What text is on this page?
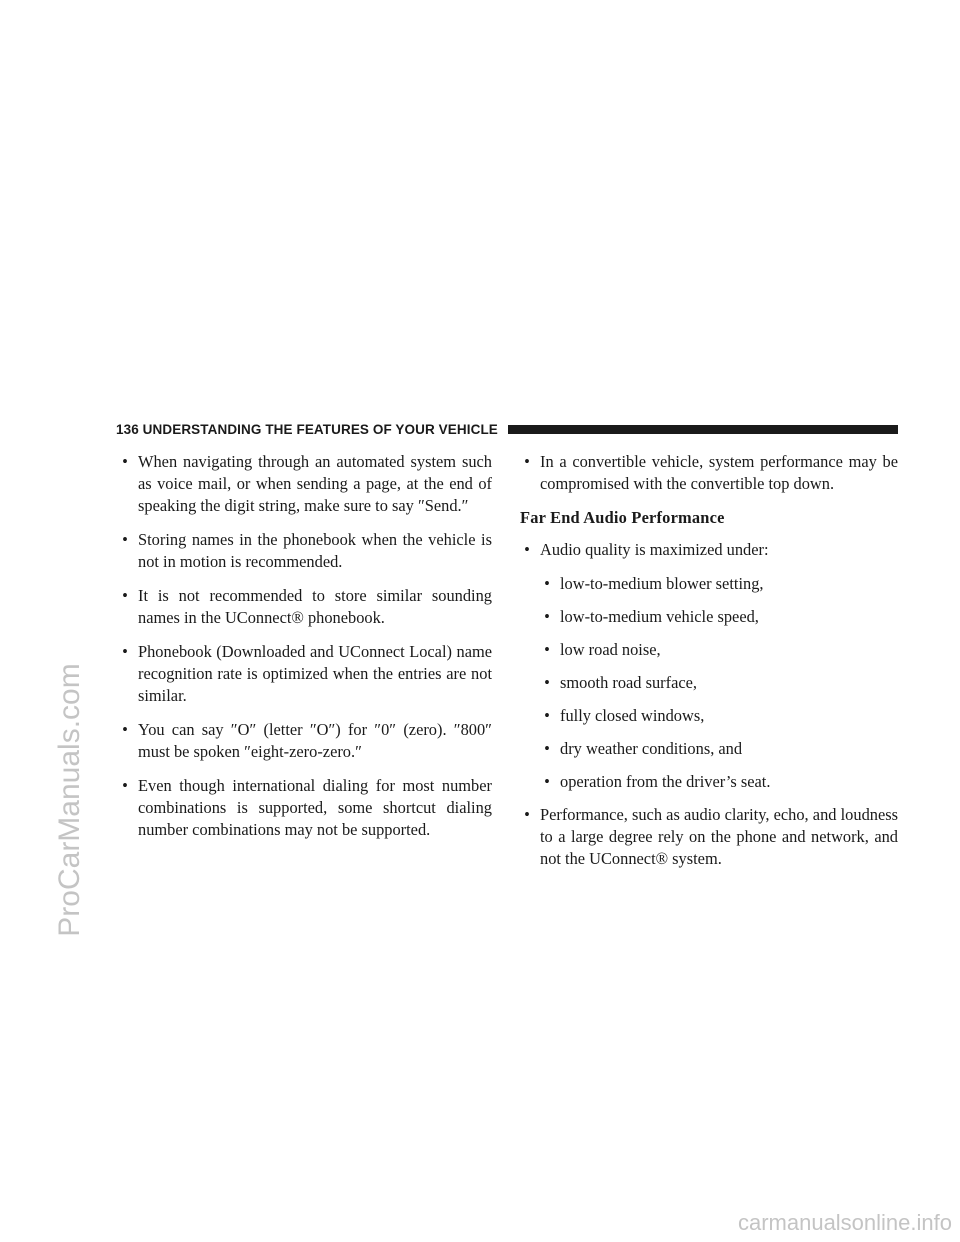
136 UNDERSTANDING THE FEATURES OF YOUR VEHICLE

• When navigating through an automated system such as voice mail, or when sending a page, at the end of speaking the digit string, make sure to say ″Send.″

• Storing names in the phonebook when the vehicle is not in motion is recommended.

• It is not recommended to store similar sounding names in the UConnect® phonebook.

• Phonebook (Downloaded and UConnect Local) name recognition rate is optimized when the entries are not similar.

• You can say ″O″ (letter ″O″) for ″0″ (zero). ″800″ must be spoken ″eight-zero-zero.″

• Even though international dialing for most number combinations is supported, some shortcut dialing number combinations may not be supported.

• In a convertible vehicle, system performance may be compromised with the convertible top down.

Far End Audio Performance

• Audio quality is maximized under:

• low-to-medium blower setting,

• low-to-medium vehicle speed,

• low road noise,

• smooth road surface,

• fully closed windows,

• dry weather conditions, and

• operation from the driver’s seat.

• Performance, such as audio clarity, echo, and loudness to a large degree rely on the phone and network, and not the UConnect® system.

ProCarManuals.com
carmanualsonline.info
